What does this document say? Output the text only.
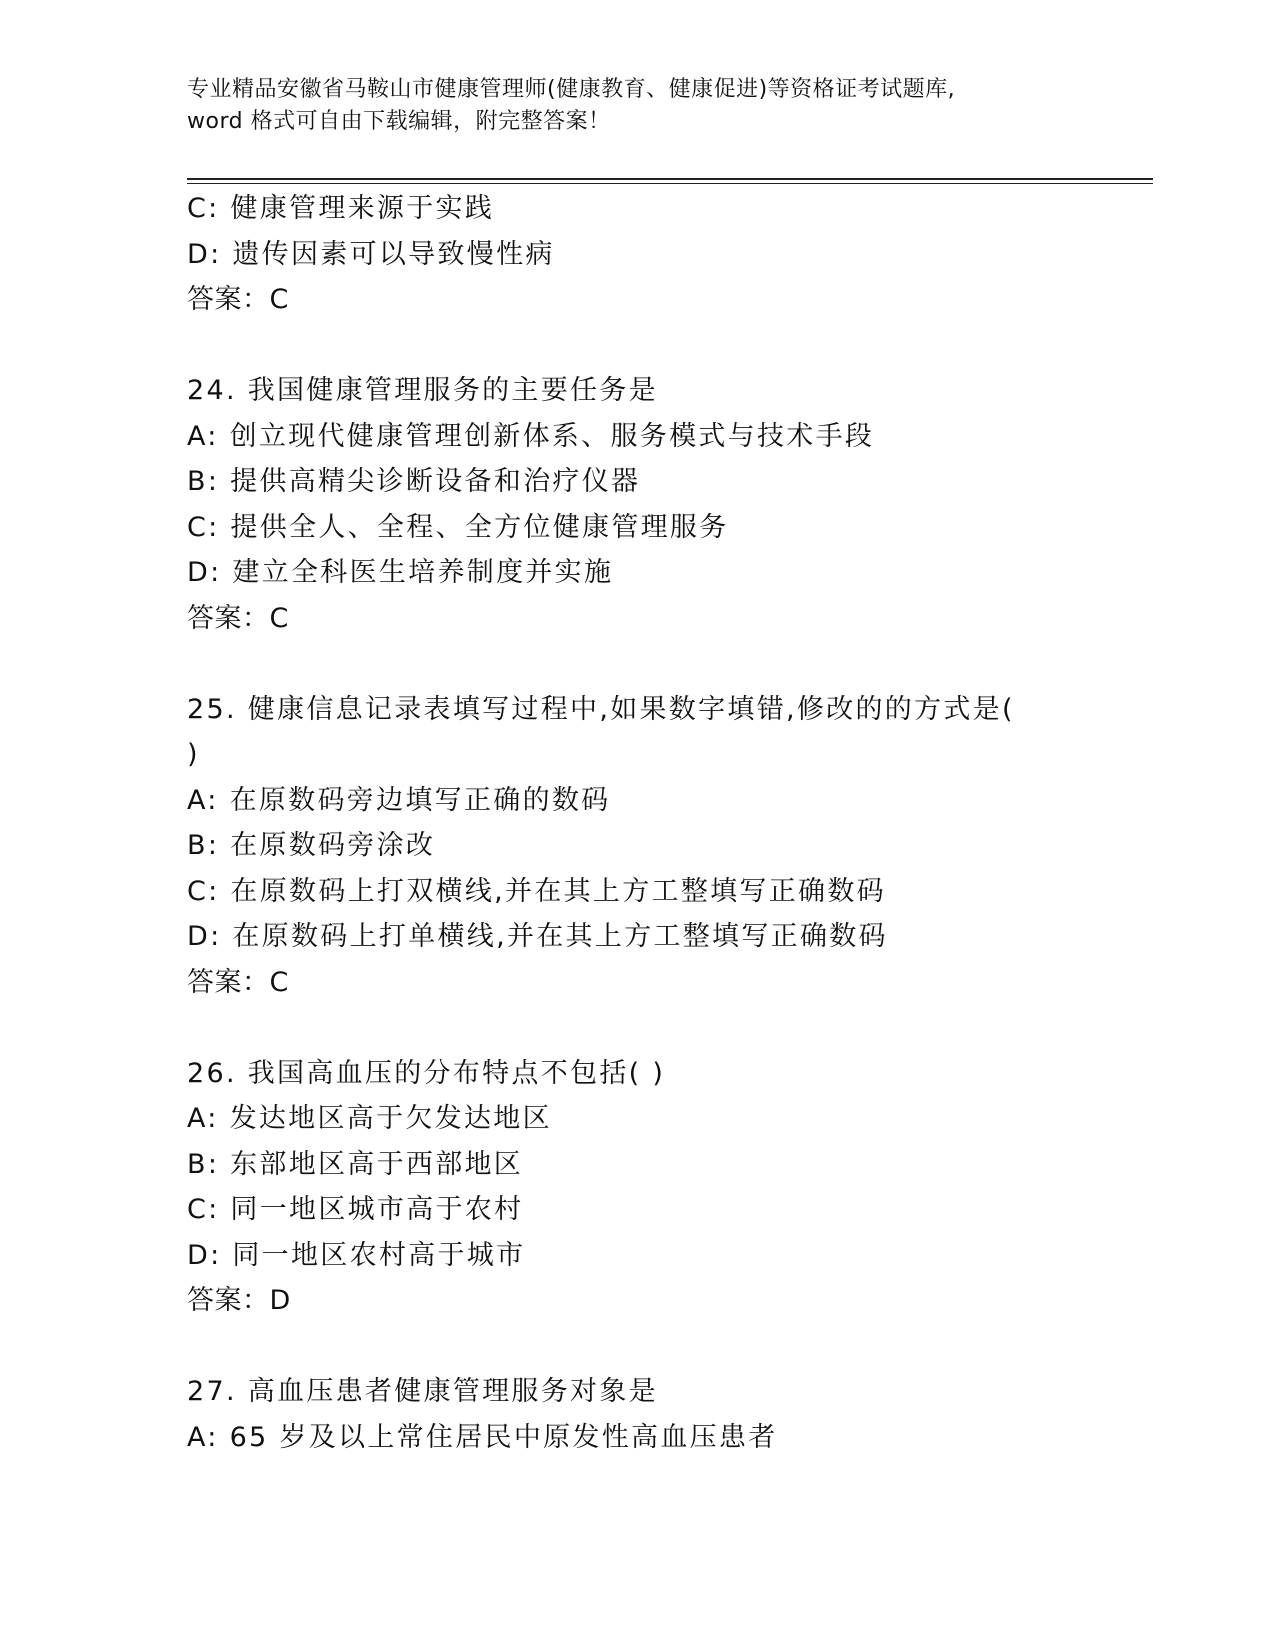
专业精品安徽省马鞍山市健康管理师(健康教育、健康促进)等资格证考试题库,
word 格式可自由下载编辑，附完整答案！
C: 健康管理来源于实践
D: 遗传因素可以导致慢性病
答案：C
24. 我国健康管理服务的主要任务是
A: 创立现代健康管理创新体系、服务模式与技术手段
B: 提供高精尖诊断设备和治疗仪器
C: 提供全人、全程、全方位健康管理服务
D: 建立全科医生培养制度并实施
答案：C
25. 健康信息记录表填写过程中,如果数字填错,修改的的方式是(
)
A: 在原数码旁边填写正确的数码
B: 在原数码旁涂改
C: 在原数码上打双横线,并在其上方工整填写正确数码
D: 在原数码上打单横线,并在其上方工整填写正确数码
答案：C
26. 我国高血压的分布特点不包括( )
A: 发达地区高于欠发达地区
B: 东部地区高于西部地区
C: 同一地区城市高于农村
D: 同一地区农村高于城市
答案：D
27. 高血压患者健康管理服务对象是
A: 65 岁及以上常住居民中原发性高血压患者
